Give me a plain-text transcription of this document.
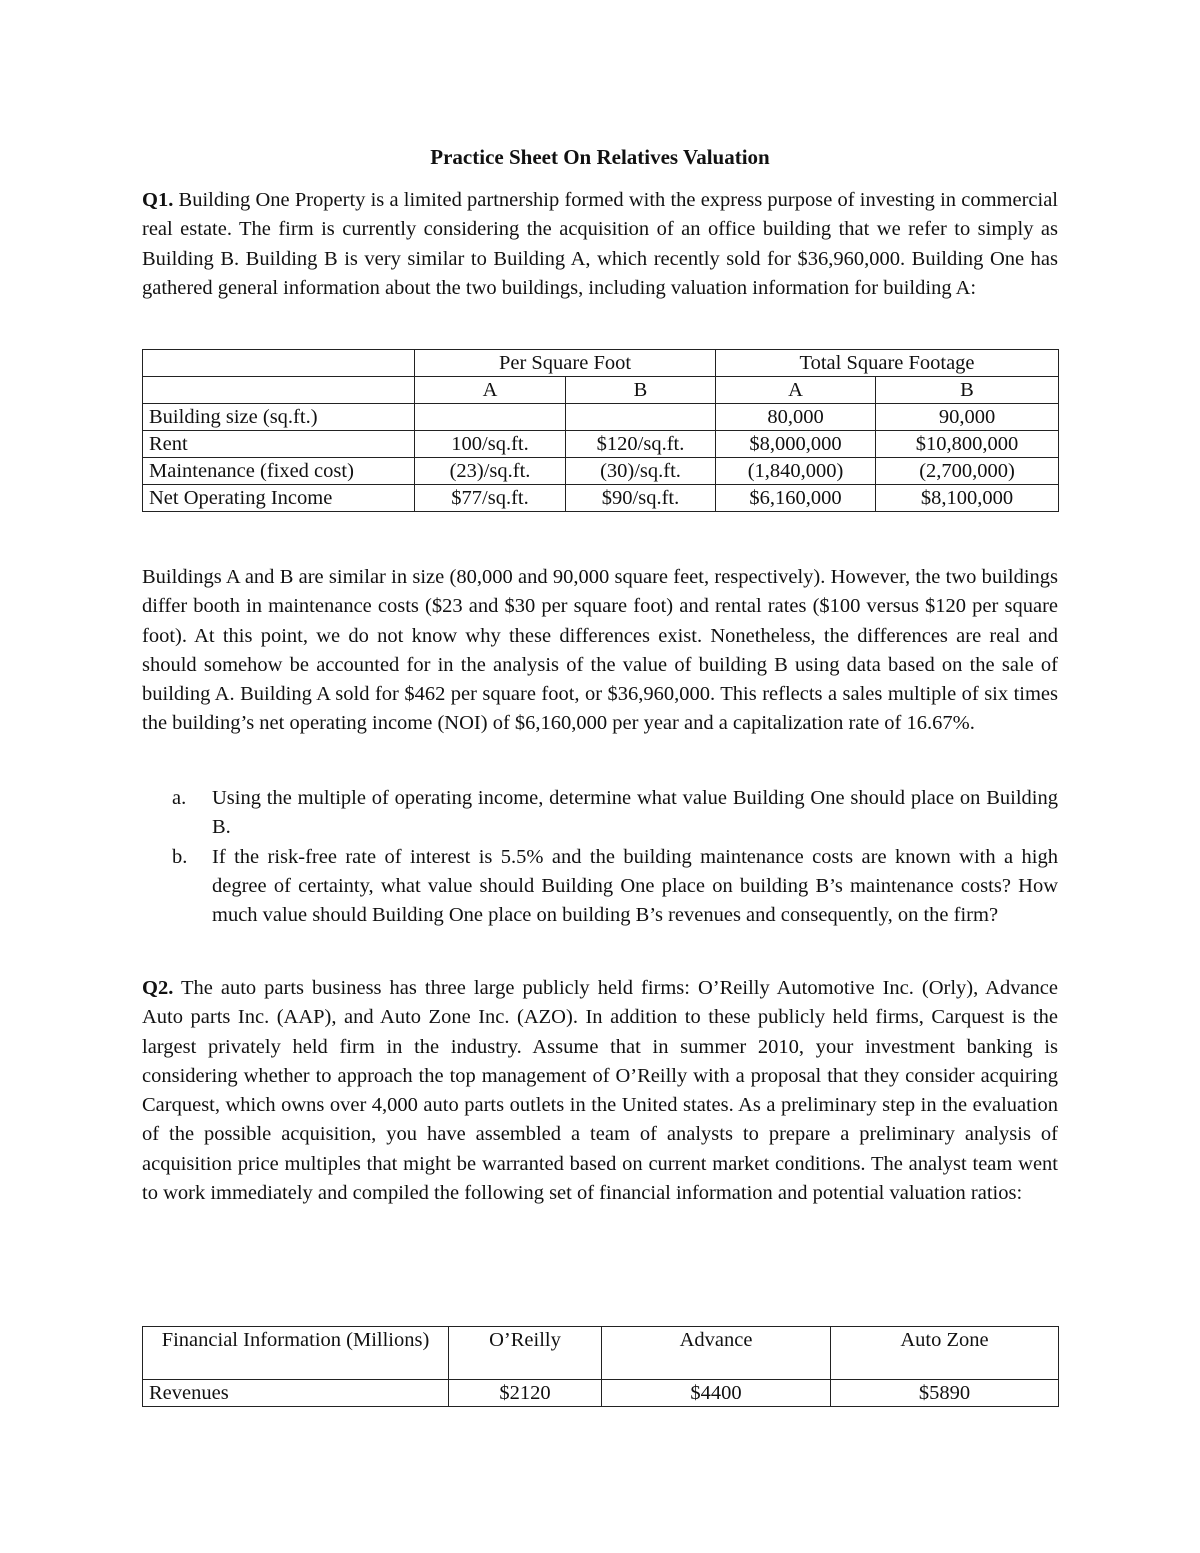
Practice Sheet On Relatives Valuation

Q1. Building One Property is a limited partnership formed with the express purpose of investing in commercial real estate. The firm is currently considering the acquisition of an office building that we refer to simply as Building B. Building B is very similar to Building A, which recently sold for $36,960,000. Building One has gathered general information about the two buildings, including valuation information for building A:

	Per Square Foot		Total Square Footage	
	A	B	A	B
Building size (sq.ft.)			80,000	90,000
Rent	100/sq.ft.	$120/sq.ft.	$8,000,000	$10,800,000
Maintenance (fixed cost)	(23)/sq.ft.	(30)/sq.ft.	(1,840,000)	(2,700,000)
Net Operating Income	$77/sq.ft.	$90/sq.ft.	$6,160,000	$8,100,000

Buildings A and B are similar in size (80,000 and 90,000 square feet, respectively). However, the two buildings differ booth in maintenance costs ($23 and $30 per square foot) and rental rates ($100 versus $120 per square foot). At this point, we do not know why these differences exist. Nonetheless, the differences are real and should somehow be accounted for in the analysis of the value of building B using data based on the sale of building A. Building A sold for $462 per square foot, or $36,960,000. This reflects a sales multiple of six times the building’s net operating income (NOI) of $6,160,000 per year and a capitalization rate of 16.67%.

a. Using the multiple of operating income, determine what value Building One should place on Building B.
b. If the risk-free rate of interest is 5.5% and the building maintenance costs are known with a high degree of certainty, what value should Building One place on building B’s maintenance costs? How much value should Building One place on building B’s revenues and consequently, on the firm?

Q2. The auto parts business has three large publicly held firms: O’Reilly Automotive Inc. (Orly), Advance Auto parts Inc. (AAP), and Auto Zone Inc. (AZO). In addition to these publicly held firms, Carquest is the largest privately held firm in the industry. Assume that in summer 2010, your investment banking is considering whether to approach the top management of O’Reilly with a proposal that they consider acquiring Carquest, which owns over 4,000 auto parts outlets in the United states. As a preliminary step in the evaluation of the possible acquisition, you have assembled a team of analysts to prepare a preliminary analysis of acquisition price multiples that might be warranted based on current market conditions. The analyst team went to work immediately and compiled the following set of financial information and potential valuation ratios:

Financial Information (Millions)	O’Reilly	Advance	Auto Zone
Revenues	$2120	$4400	$5890
